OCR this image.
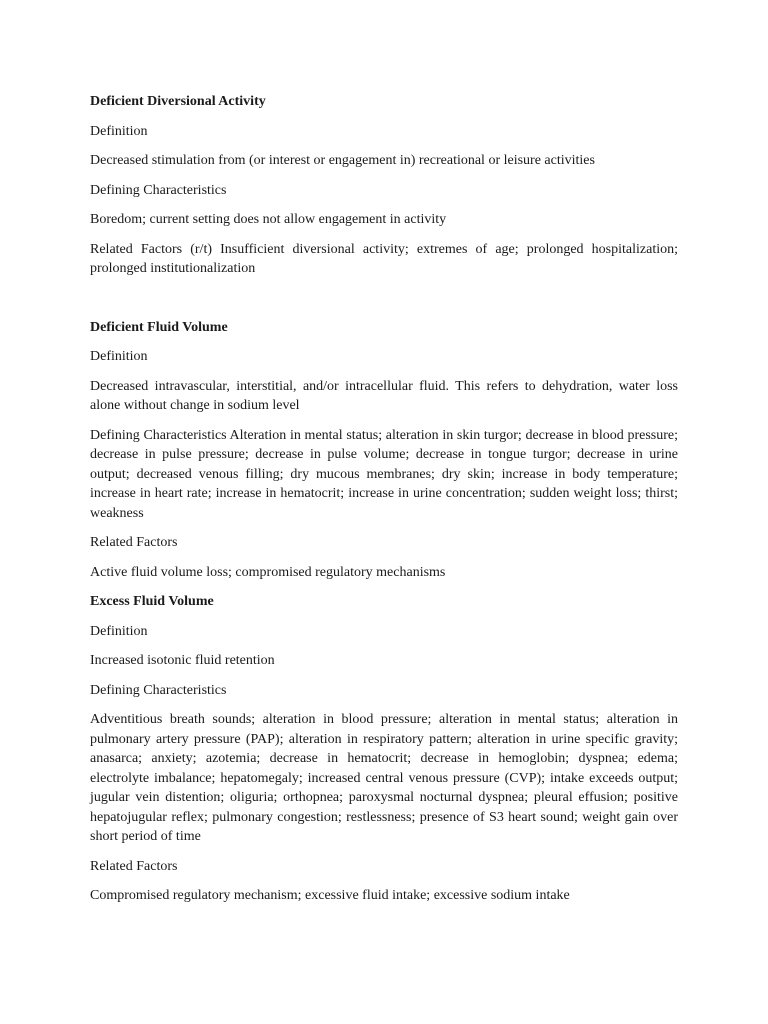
Deficient Diversional Activity

Definition

Decreased stimulation from (or interest or engagement in) recreational or leisure activities

Defining Characteristics

Boredom; current setting does not allow engagement in activity

Related Factors (r/t) Insufficient diversional activity; extremes of age; prolonged hospitalization; prolonged institutionalization

Deficient Fluid Volume

Definition

Decreased intravascular, interstitial, and/or intracellular fluid. This refers to dehydration, water loss alone without change in sodium level

Defining Characteristics Alteration in mental status; alteration in skin turgor; decrease in blood pressure; decrease in pulse pressure; decrease in pulse volume; decrease in tongue turgor; decrease in urine output; decreased venous filling; dry mucous membranes; dry skin; increase in body temperature; increase in heart rate; increase in hematocrit; increase in urine concentration; sudden weight loss; thirst; weakness

Related Factors

Active fluid volume loss; compromised regulatory mechanisms

Excess Fluid Volume

Definition

Increased isotonic fluid retention

Defining Characteristics

Adventitious breath sounds; alteration in blood pressure; alteration in mental status; alteration in pulmonary artery pressure (PAP); alteration in respiratory pattern; alteration in urine specific gravity; anasarca; anxiety; azotemia; decrease in hematocrit; decrease in hemoglobin; dyspnea; edema; electrolyte imbalance; hepatomegaly; increased central venous pressure (CVP); intake exceeds output; jugular vein distention; oliguria; orthopnea; paroxysmal nocturnal dyspnea; pleural effusion; positive hepatojugular reflex; pulmonary congestion; restlessness; presence of S3 heart sound; weight gain over short period of time

Related Factors

Compromised regulatory mechanism; excessive fluid intake; excessive sodium intake
